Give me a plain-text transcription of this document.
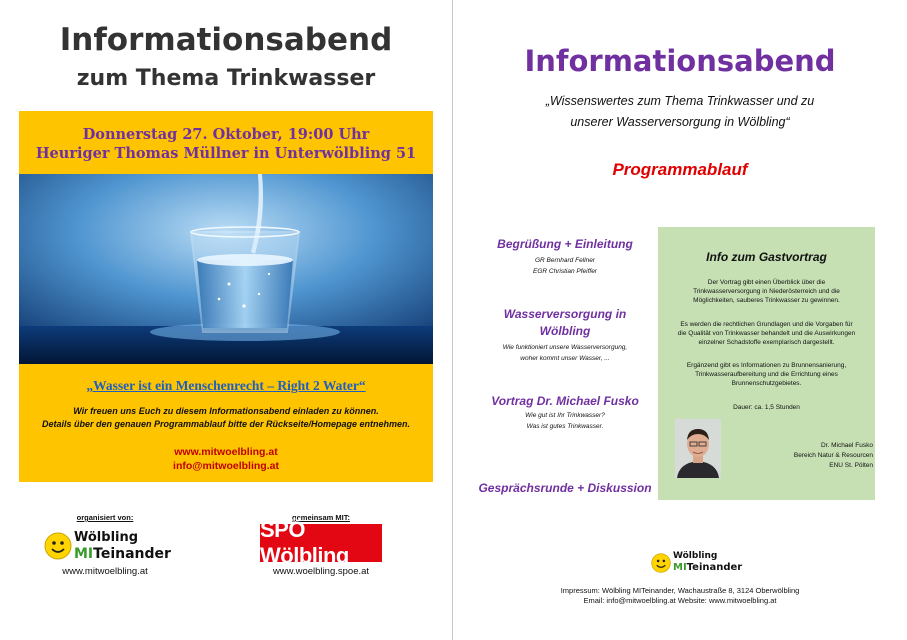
Informationsabend
zum Thema Trinkwasser
Donnerstag 27. Oktober, 19:00 Uhr
Heuriger Thomas Müllner in Unterwölbling 51
„Wasser ist ein Menschenrecht – Right 2 Water“
Wir freuen uns Euch zu diesem Informationsabend einladen zu können.
Details über den genauen Programmablauf bitte der Rückseite/Homepage entnehmen.
www.mitwoelbling.at
info@mitwoelbling.at
organisiert von:
Wölbling
MITeinander
www.mitwoelbling.at
gemeinsam MIT:
SPÖ Wölbling
www.woelbling.spoe.at
Informationsabend
„Wissenswertes zum Thema Trinkwasser und zu
unserer Wasserversorgung in Wölbling“
Programmablauf
Begrüßung + Einleitung
GR Bernhard Fellner
EGR Christian Pfeiffer
Wasserversorgung in
Wölbling
Wie funktioniert unsere Wasserversorgung,
woher kommt unser Wasser, ...
Vortrag Dr. Michael Fusko
Wie gut ist Ihr Trinkwasser?
Was ist gutes Trinkwasser.
Gesprächsrunde + Diskussion
Info zum Gastvortrag
Der Vortrag gibt einen Überblick über die
Trinkwasserversorgung in Niederösterreich und die
Möglichkeiten, sauberes Trinkwasser zu gewinnen.
Es werden die rechtlichen Grundlagen und die Vorgaben für
die Qualität von Trinkwasser behandelt und die Auswirkungen
einzelner Schadstoffe exemplarisch dargestellt.
Ergänzend gibt es Informationen zu Brunnensanierung,
Trinkwasseraufbereitung und die Errichtung eines
Brunnenschutzgebietes.
Dauer: ca. 1,5 Stunden
Dr. Michael Fusko
Bereich Natur & Resourcen
ENU St. Pölten
Wölbling
MITeinander
Impressum: Wölbling MITeinander, Wachaustraße 8, 3124 Oberwölbling
Email: info@mitwoelbling.at Website: www.mitwoelbling.at
